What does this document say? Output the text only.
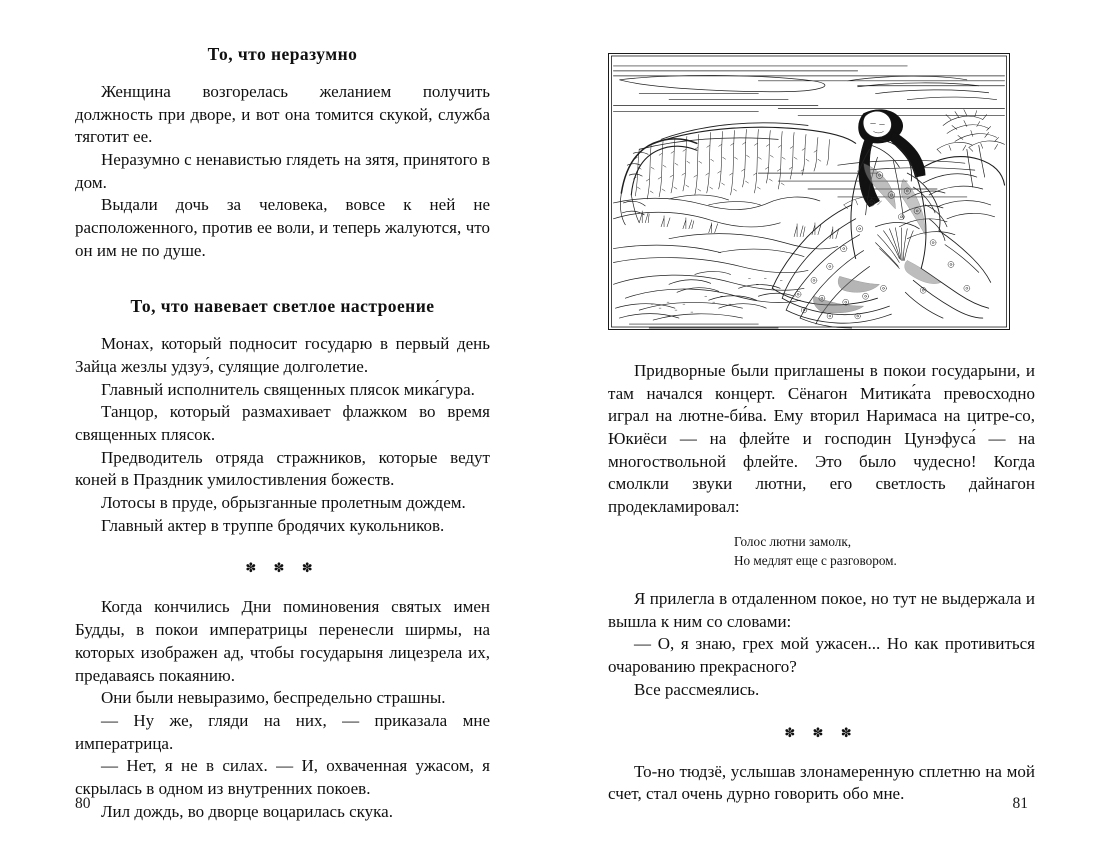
То, что неразумно

Женщина возгорелась желанием получить должность при дворе, и вот она томится скукой, служба тяготит ее.

Неразумно с ненавистью глядеть на зятя, принятого в дом.

Выдали дочь за человека, вовсе к ней не расположенного, против ее воли, и теперь жалуются, что он им не по душе.

То, что навевает светлое настроение

Монах, который подносит государю в первый день Зайца жезлы удзуэ́, сулящие долголетие.

Главный исполнитель священных плясок мика́гура.

Танцор, который размахивает флажком во время священных плясок.

Предводитель отряда стражников, которые ведут коней в Праздник умилостивления божеств.

Лотосы в пруде, обрызганные пролетным дождем.

Главный актер в труппе бродячих кукольников.

✽ ✽ ✽

Когда кончились Дни поминовения святых имен Будды, в покои императрицы перенесли ширмы, на которых изображен ад, чтобы государыня лицезрела их, предаваясь покаянию.

Они были невыразимо, беспредельно страшны.

— Ну же, гляди на них, — приказала мне императрица.

— Нет, я не в силах. — И, охваченная ужасом, я скрылась в одном из внутренних покоев.

Лил дождь, во дворце воцарилась скука.

80

Придворные были приглашены в покои государыни, и там начался концерт. Сёнагон Митика́та превосходно играл на лютне-би́ва. Ему вторил Наримаса на цитре-со, Юкиёси — на флейте и господин Цунэфуса́ — на многоствольной флейте. Это было чудесно! Когда смолкли звуки лютни, его светлость дайнагон продекламировал:

Голос лютни замолк,

Но медлят еще с разговором.

Я прилегла в отдаленном покое, но тут не выдержала и вышла к ним со словами:

— О, я знаю, грех мой ужасен... Но как противиться очарованию прекрасного?

Все рассмеялись.

✽ ✽ ✽

То-но тюдзё, услышав злонамеренную сплетню на мой счет, стал очень дурно говорить обо мне.

81
